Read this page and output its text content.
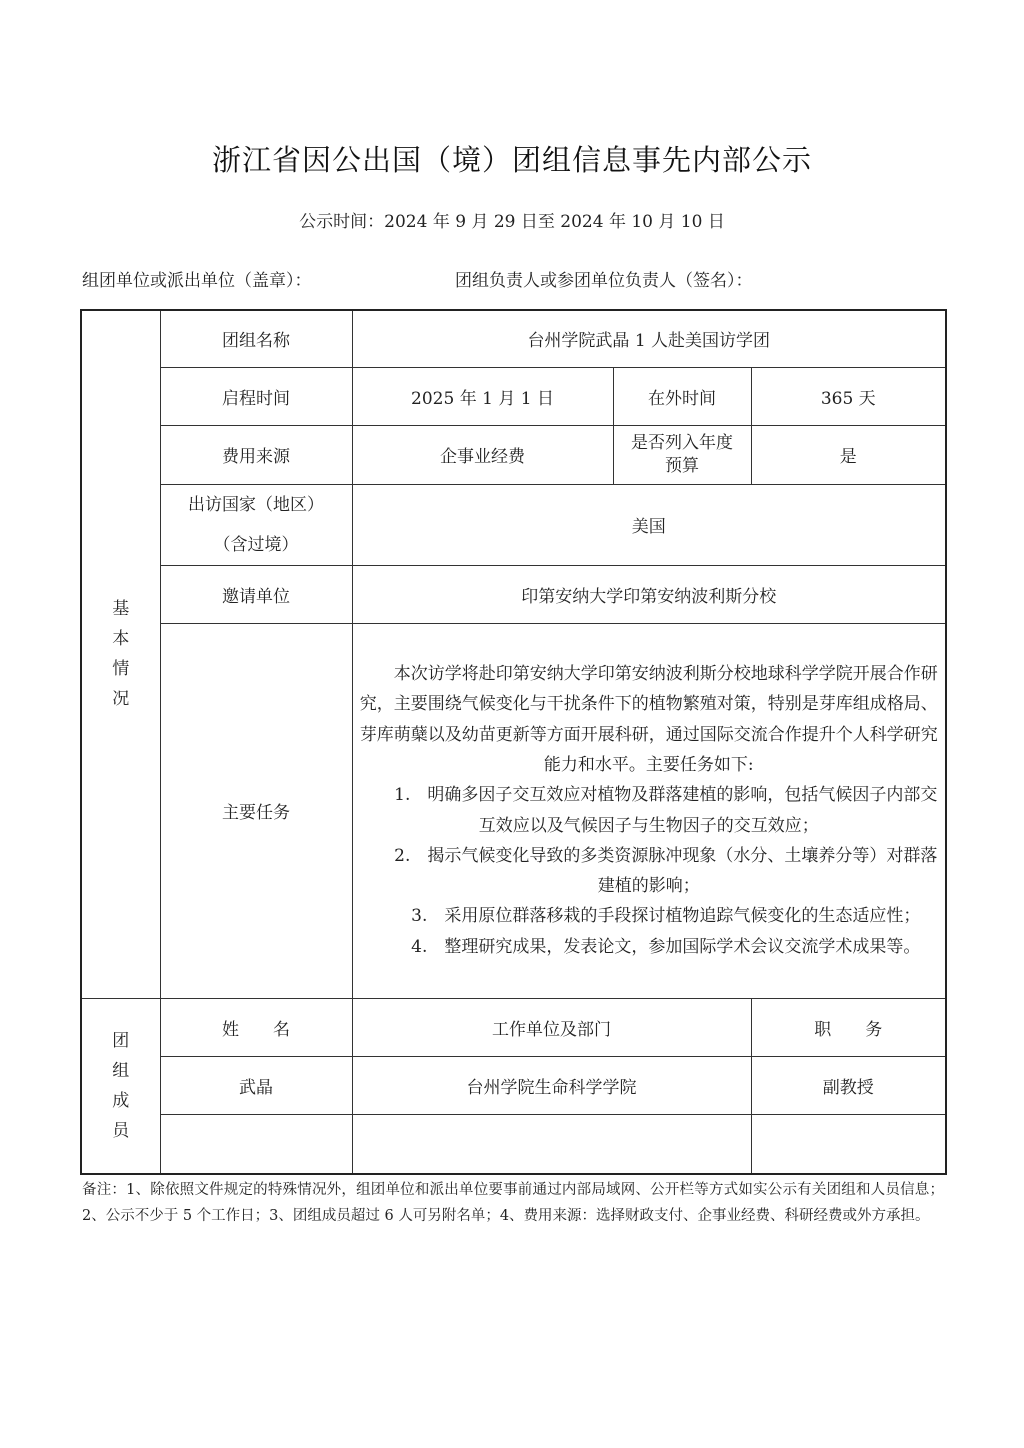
浙江省因公出国（境）团组信息事先内部公示
公示时间：2024 年 9 月 29 日至 2024 年 10 月 10 日
组团单位或派出单位（盖章）：	团组负责人或参团单位负责人（签名）：
基
本
情
况	团组名称	台州学院武晶 1 人赴美国访学团		
	启程时间	2025 年 1 月 1 日	在外时间	365 天
	费用来源	企事业经费	是否列入年度
预算	是

	出访国家（地区）
（含过境）	美国		
	邀请单位	印第安纳大学印第安纳波利斯分校		
	主要任务	本次访学将赴印第安纳大学印第安纳波利斯分校地球科学学院开展合作研究，主要围绕气候变化与干扰条件下的植物繁殖对策，特别是芽库组成格局、芽库萌蘖以及幼苗更新等方面开展科研，通过国际交流合作提升个人科学研究能力和水平。主要任务如下:

1.　明确多因子交互效应对植物及群落建植的影响，包括气候因子内部交互效应以及气候因子与生物因子的交互效应；

2.　揭示气候变化导致的多类资源脉冲现象（水分、土壤养分等）对群落建植的影响；

3.　采用原位群落移栽的手段探讨植物追踪气候变化的生态适应性；

4.　整理研究成果，发表论文，参加国际学术会议交流学术成果等。		

团
组
成
员	姓　　名	工作单位及部门		职　　务
	武晶	台州学院生命科学学院		副教授

备注：1、除依照文件规定的特殊情况外，组团单位和派出单位要事前通过内部局域网、公开栏等方式如实公示有关团组和人员信息；2、公示不少于 5 个工作日；3、团组成员超过 6 人可另附名单；4、费用来源：选择财政支付、企事业经费、科研经费或外方承担。
